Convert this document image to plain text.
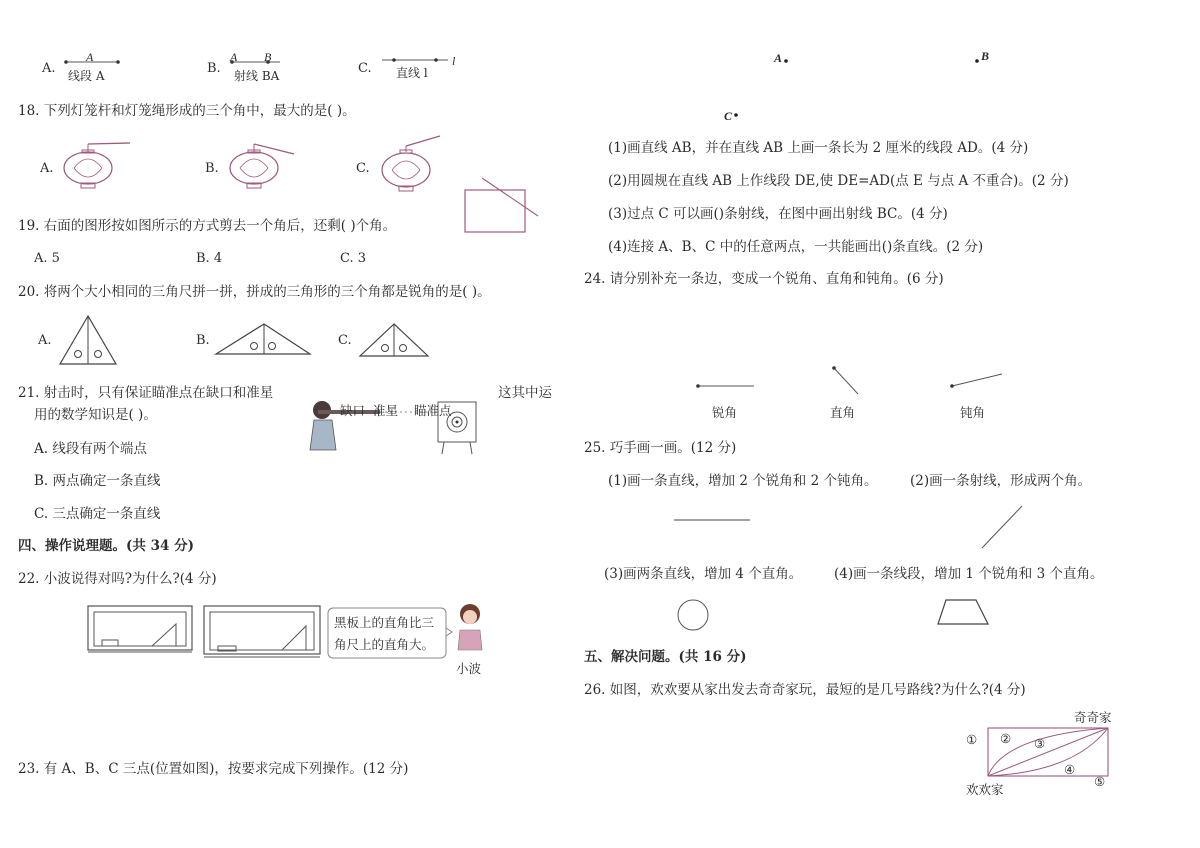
A.
A
线段 A	B.
A B
射线 BA	C.	l
直线 l
18. 下列灯笼杆和灯笼绳形成的三个角中，最大的是( )。
A.	B.	C.
19. 右面的图形按如图所示的方式剪去一个角后，还剩( )个角。
A. 5	B. 4	C. 3
20. 将两个大小相同的三角尺拼一拼，拼成的三角形的三个角都是锐角的是( )。
A.	B.	C.
21. 射击时，只有保证瞄准点在缺口和准星	这其中运
用的数学知识是( )。	缺口 准星 瞄准点
A. 线段有两个端点
B. 两点确定一条直线
C. 三点确定一条直线
四、操作说理题。(共 34 分)
22. 小波说得对吗?为什么?(4 分)
黑板上的直角比三
角尺上的直角大。
小波
23. 有 A、B、C 三点(位置如图)，按要求完成下列操作。(12 分)
A	B
C
(1)画直线 AB，并在直线 AB 上画一条长为 2 厘米的线段 AD。(4 分)
(2)用圆规在直线 AB 上作线段 DE,使 DE=AD(点 E 与点 A 不重合)。(2 分)
(3)过点 C 可以画()条射线，在图中画出射线 BC。(4 分)
(4)连接 A、B、C 中的任意两点，一共能画出()条直线。(2 分)
24. 请分别补充一条边，变成一个锐角、直角和钝角。(6 分)
锐角	直角	钝角
25. 巧手画一画。(12 分)
(1)画一条直线，增加 2 个锐角和 2 个钝角。 (2)画一条射线，形成两个角。
(3)画两条直线，增加 4 个直角。 (4)画一条线段，增加 1 个锐角和 3 个直角。
五、解决问题。(共 16 分)
26. 如图，欢欢要从家出发去奇奇家玩，最短的是几号路线?为什么?(4 分)
奇奇家
① ② ③
④
⑤
欢欢家
